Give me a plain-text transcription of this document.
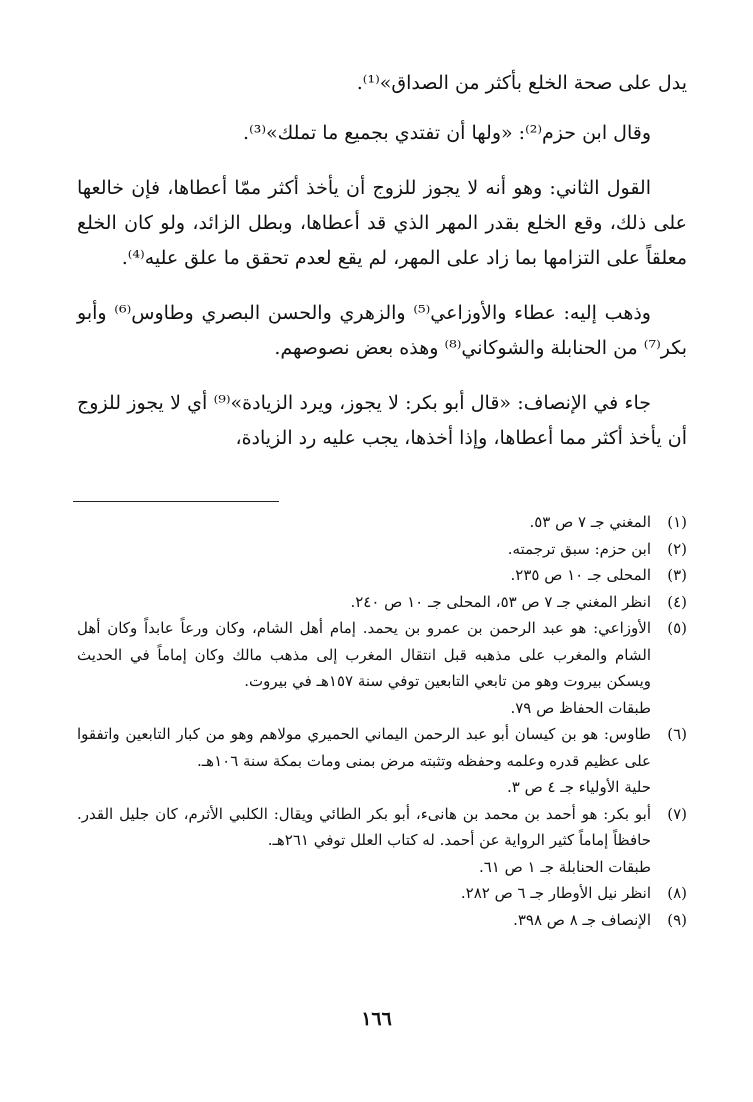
يدل على صحة الخلع بأكثر من الصداق»⁽¹⁾.

وقال ابن حزم⁽²⁾: «ولها أن تفتدي بجميع ما تملك»⁽³⁾.

القول الثاني: وهو أنه لا يجوز للزوج أن يأخذ أكثر ممّا أعطاها، فإن خالعها على ذلك، وقع الخلع بقدر المهر الذي قد أعطاها، وبطل الزائد، ولو كان الخلع معلقاً على التزامها بما زاد على المهر، لم يقع لعدم تحقق ما علق عليه⁽⁴⁾.

وذهب إليه: عطاء والأوزاعي⁽⁵⁾ والزهري والحسن البصري وطاوس⁽⁶⁾ وأبو بكر⁽⁷⁾ من الحنابلة والشوكاني⁽⁸⁾ وهذه بعض نصوصهم.

جاء في الإنصاف: «قال أبو بكر: لا يجوز، ويرد الزيادة»⁽⁹⁾ أي لا يجوز للزوج أن يأخذ أكثر مما أعطاها، وإذا أخذها، يجب عليه رد الزيادة،

(١)
المغني جـ ٧ ص ٥٣.
(٢)
ابن حزم: سبق ترجمته.
(٣)
المحلى جـ ١٠ ص ٢٣٥.
(٤)
انظر المغني جـ ٧ ص ٥٣، المحلى جـ ١٠ ص ٢٤٠.
(٥)
الأوزاعي: هو عبد الرحمن بن عمرو بن يحمد. إمام أهل الشام، وكان ورعاً عابداً وكان أهل الشام والمغرب على مذهبه قبل انتقال المغرب إلى مذهب مالك وكان إماماً في الحديث ويسكن بيروت وهو من تابعي التابعين توفي سنة ١٥٧هـ في بيروت.
طبقات الحفاظ ص ٧٩.
(٦)
طاوس: هو بن كيسان أبو عبد الرحمن اليماني الحميري مولاهم وهو من كبار التابعين واتفقوا على عظيم قدره وعلمه وحفظه وتثبته مرض بمنى ومات بمكة سنة ١٠٦هـ.
حلية الأولياء جـ ٤ ص ٣.
(٧)
أبو بكر: هو أحمد بن محمد بن هانىء، أبو بكر الطائي ويقال: الكلبي الأثرم، كان جليل القدر. حافظاً إماماً كثير الرواية عن أحمد. له كتاب العلل توفي ٢٦١هـ.
طبقات الحنابلة جـ ١ ص ٦١.
(٨)
انظر نيل الأوطار جـ ٦ ص ٢٨٢.
(٩)
الإنصاف جـ ٨ ص ٣٩٨.
١٦٦
